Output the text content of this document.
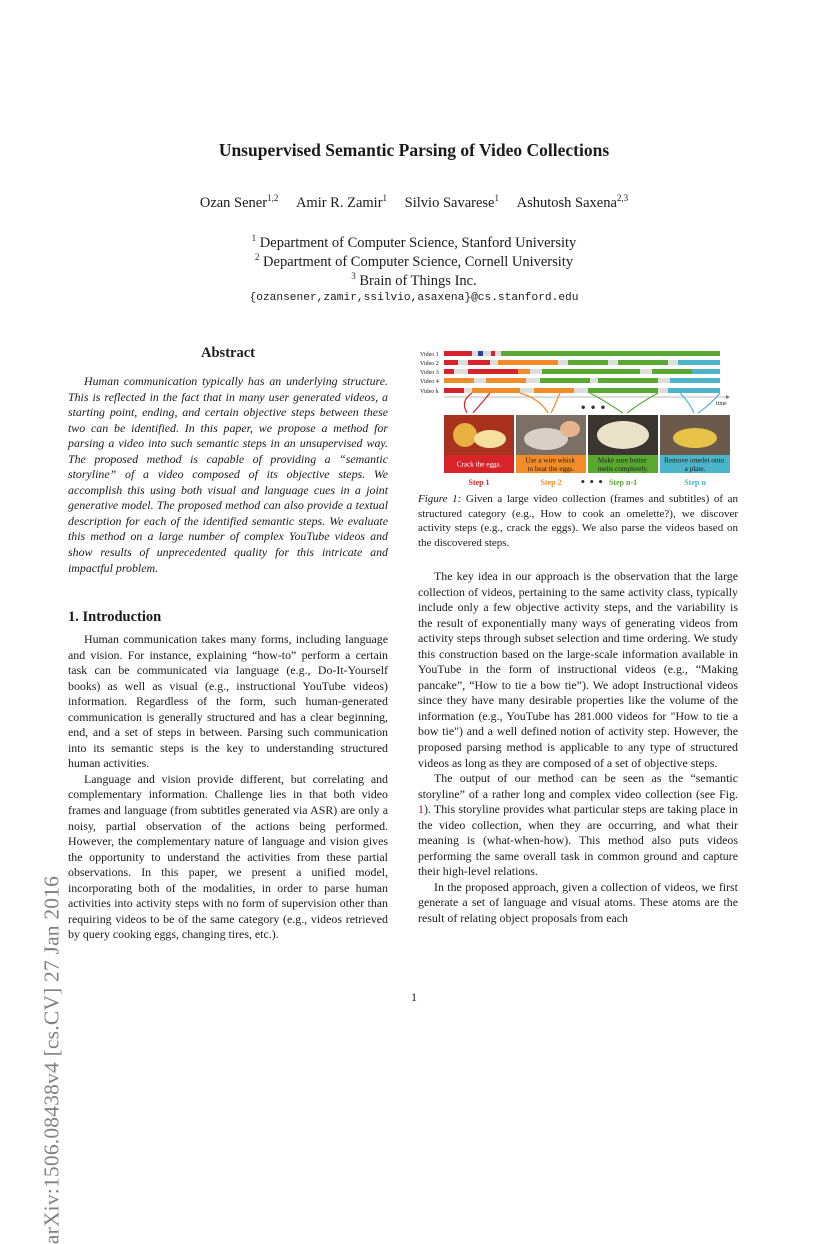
arXiv:1506.08438v4 [cs.CV] 27 Jan 2016
Unsupervised Semantic Parsing of Video Collections
Ozan Sener$^{1,2}$ Amir R. Zamir$^1$ Silvio Savarese$^1$ Ashutosh Saxena$^{2,3}$
$^1$ Department of Computer Science, Stanford University
$^2$ Department of Computer Science, Cornell University
$^3$ Brain of Things Inc.
{ozansener,zamir,ssilvio,asaxena}@cs.stanford.edu
Abstract

Human communication typically has an underlying structure. This is reflected in the fact that in many user generated videos, a starting point, ending, and certain objective steps between these two can be identified. In this paper, we propose a method for parsing a video into such semantic steps in an unsupervised way. The proposed method is capable of providing a “semantic storyline” of a video composed of its objective steps. We accomplish this using both visual and language cues in a joint generative model. The proposed method can also provide a textual description for each of the identified semantic steps. We evaluate this method on a large number of complex YouTube videos and show results of unprecedented quality for this intricate and impactful problem.

1. Introduction

Human communication takes many forms, including language and vision. For instance, explaining “how-to” perform a certain task can be communicated via language (e.g., Do-It-Yourself books) as well as visual (e.g., instructional YouTube videos) information. Regardless of the form, such human-generated communication is generally structured and has a clear beginning, end, and a set of steps in between. Parsing such communication into its semantic steps is the key to understanding structured human activities.

Language and vision provide different, but correlating and complementary information. Challenge lies in that both video frames and language (from subtitles generated via ASR) are only a noisy, partial observation of the actions being performed. However, the complementary nature of language and vision gives the opportunity to understand the activities from these partial observations. In this paper, we present a unified model, incorporating both of the modalities, in order to parse human activities into activity steps with no form of supervision other than requiring videos to be of the same category (e.g., videos retrieved by query cooking eggs, changing tires, etc.).

Video 1
Video 2
Video 3
Video 4
Video k
time
• • •
Crack the eggs.
Step 1
Use a wire whisk to beat the eggs.
Step 2
Make sure butter melts completely.
Step n-1
Remove omelet onto a plate.
Step n
• • •
Figure 1: Given a large video collection (frames and subtitles) of an structured category (e.g., How to cook an omelette?), we discover activity steps (e.g., crack the eggs). We also parse the videos based on the discovered steps.

The key idea in our approach is the observation that the large collection of videos, pertaining to the same activity class, typically include only a few objective activity steps, and the variability is the result of exponentially many ways of generating videos from activity steps through subset selection and time ordering. We study this construction based on the large-scale information available in YouTube in the form of instructional videos (e.g., “Making pancake”, “How to tie a bow tie”). We adopt Instructional videos since they have many desirable properties like the volume of the information (e.g., YouTube has 281.000 videos for "How to tie a bow tie") and a well defined notion of activity step. However, the proposed parsing method is applicable to any type of structured videos as long as they are composed of a set of objective steps.

The output of our method can be seen as the “semantic storyline” of a rather long and complex video collection (see Fig. 1). This storyline provides what particular steps are taking place in the video collection, when they are occurring, and what their meaning is (what-when-how). This method also puts videos performing the same overall task in common ground and capture their high-level relations.

In the proposed approach, given a collection of videos, we first generate a set of language and visual atoms. These atoms are the result of relating object proposals from each

1
